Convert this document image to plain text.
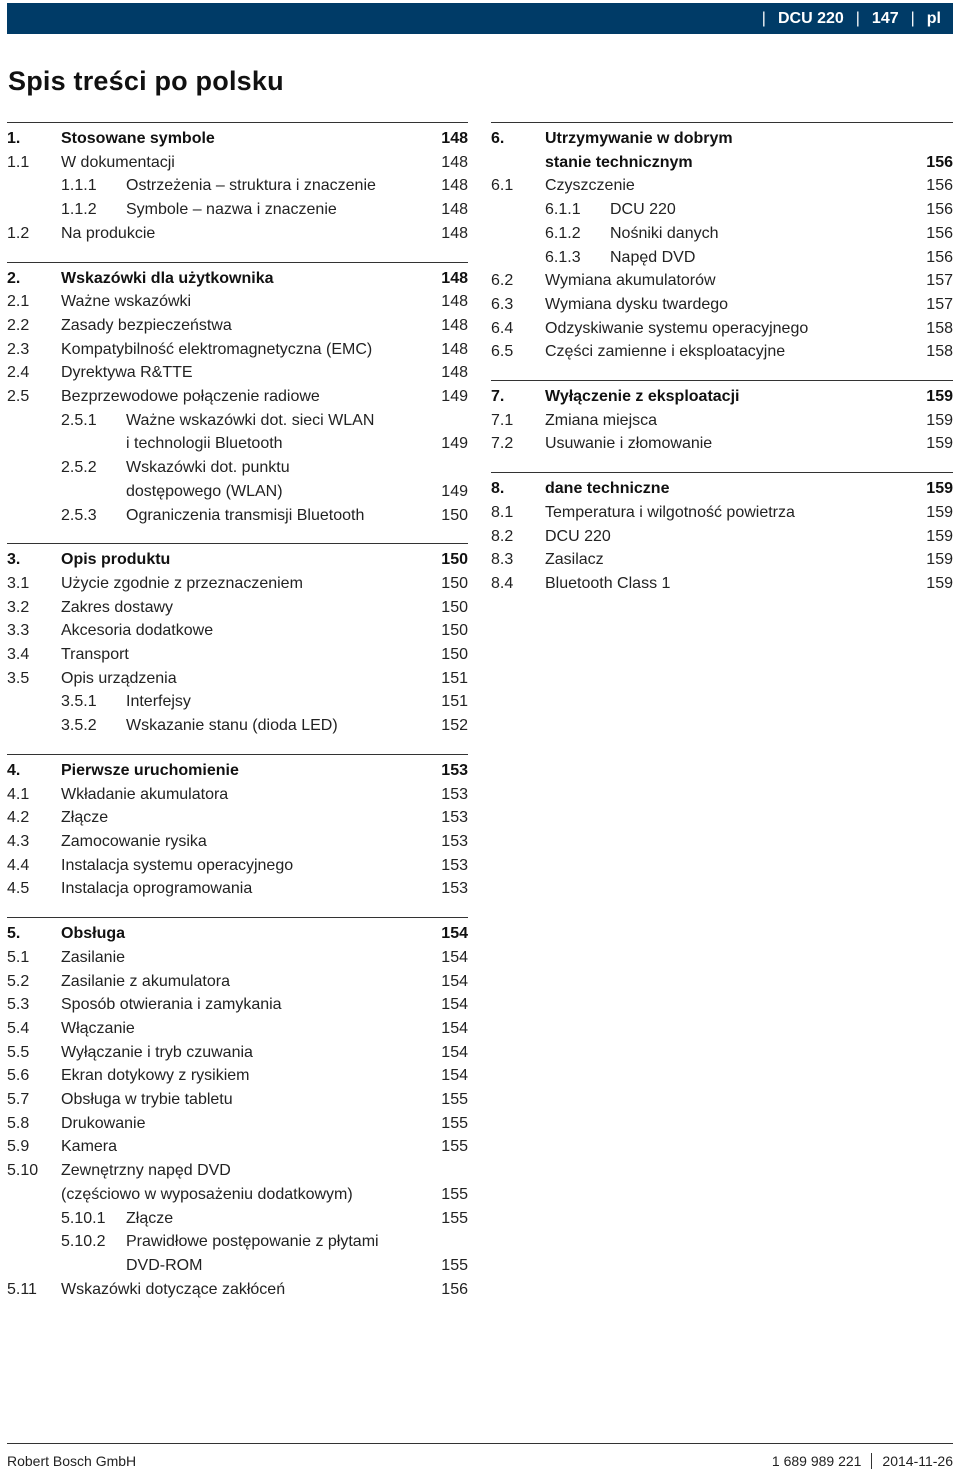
| DCU 220 | 147 | pl
Spis treści po polsku
1.	Stosowane symbole	148
1.1	W dokumentacji	148
1.1.1	Ostrzeżenia – struktura i znaczenie	148
1.1.2	Symbole – nazwa i znaczenie	148
1.2	Na produkcie	148
2.	Wskazówki dla użytkownika	148
2.1	Ważne wskazówki	148
2.2	Zasady bezpieczeństwa	148
2.3	Kompatybilność elektromagnetyczna (EMC)	148
2.4	Dyrektywa R&TTE	148
2.5	Bezprzewodowe połączenie radiowe	149
2.5.1	Ważne wskazówki dot. sieci WLAN
i technologii Bluetooth	149
2.5.2	Wskazówki dot. punktu
dostępowego (WLAN)	149
2.5.3	Ograniczenia transmisji Bluetooth	150
3.	Opis produktu	150
3.1	Użycie zgodnie z przeznaczeniem	150
3.2	Zakres dostawy	150
3.3	Akcesoria dodatkowe	150
3.4	Transport	150
3.5	Opis urządzenia	151
3.5.1	Interfejsy	151
3.5.2	Wskazanie stanu (dioda LED)	152
4.	Pierwsze uruchomienie	153
4.1	Wkładanie akumulatora	153
4.2	Złącze	153
4.3	Zamocowanie rysika	153
4.4	Instalacja systemu operacyjnego	153
4.5	Instalacja oprogramowania	153
5.	Obsługa	154
5.1	Zasilanie	154
5.2	Zasilanie z akumulatora	154
5.3	Sposób otwierania i zamykania	154
5.4	Włączanie	154
5.5	Wyłączanie i tryb czuwania	154
5.6	Ekran dotykowy z rysikiem	154
5.7	Obsługa w trybie tabletu	155
5.8	Drukowanie	155
5.9	Kamera	155
5.10	Zewnętrzny napęd DVD
(częściowo w wyposażeniu dodatkowym)	155
5.10.1	Złącze	155
5.10.2	Prawidłowe postępowanie z płytami
DVD-ROM	155
5.11	Wskazówki dotyczące zakłóceń	156
6.	Utrzymywanie w dobrym
stanie technicznym	156
6.1	Czyszczenie	156
6.1.1	DCU 220	156
6.1.2	Nośniki danych	156
6.1.3	Napęd DVD	156
6.2	Wymiana akumulatorów	157
6.3	Wymiana dysku twardego	157
6.4	Odzyskiwanie systemu operacyjnego	158
6.5	Części zamienne i eksploatacyjne	158
7.	Wyłączenie z eksploatacji	159
7.1	Zmiana miejsca	159
7.2	Usuwanie i złomowanie	159
8.	dane techniczne	159
8.1	Temperatura i wilgotność powietrza	159
8.2	DCU 220	159
8.3	Zasilacz	159
8.4	Bluetooth Class 1	159
Robert Bosch GmbH	1 689 989 221 2014-11-26
